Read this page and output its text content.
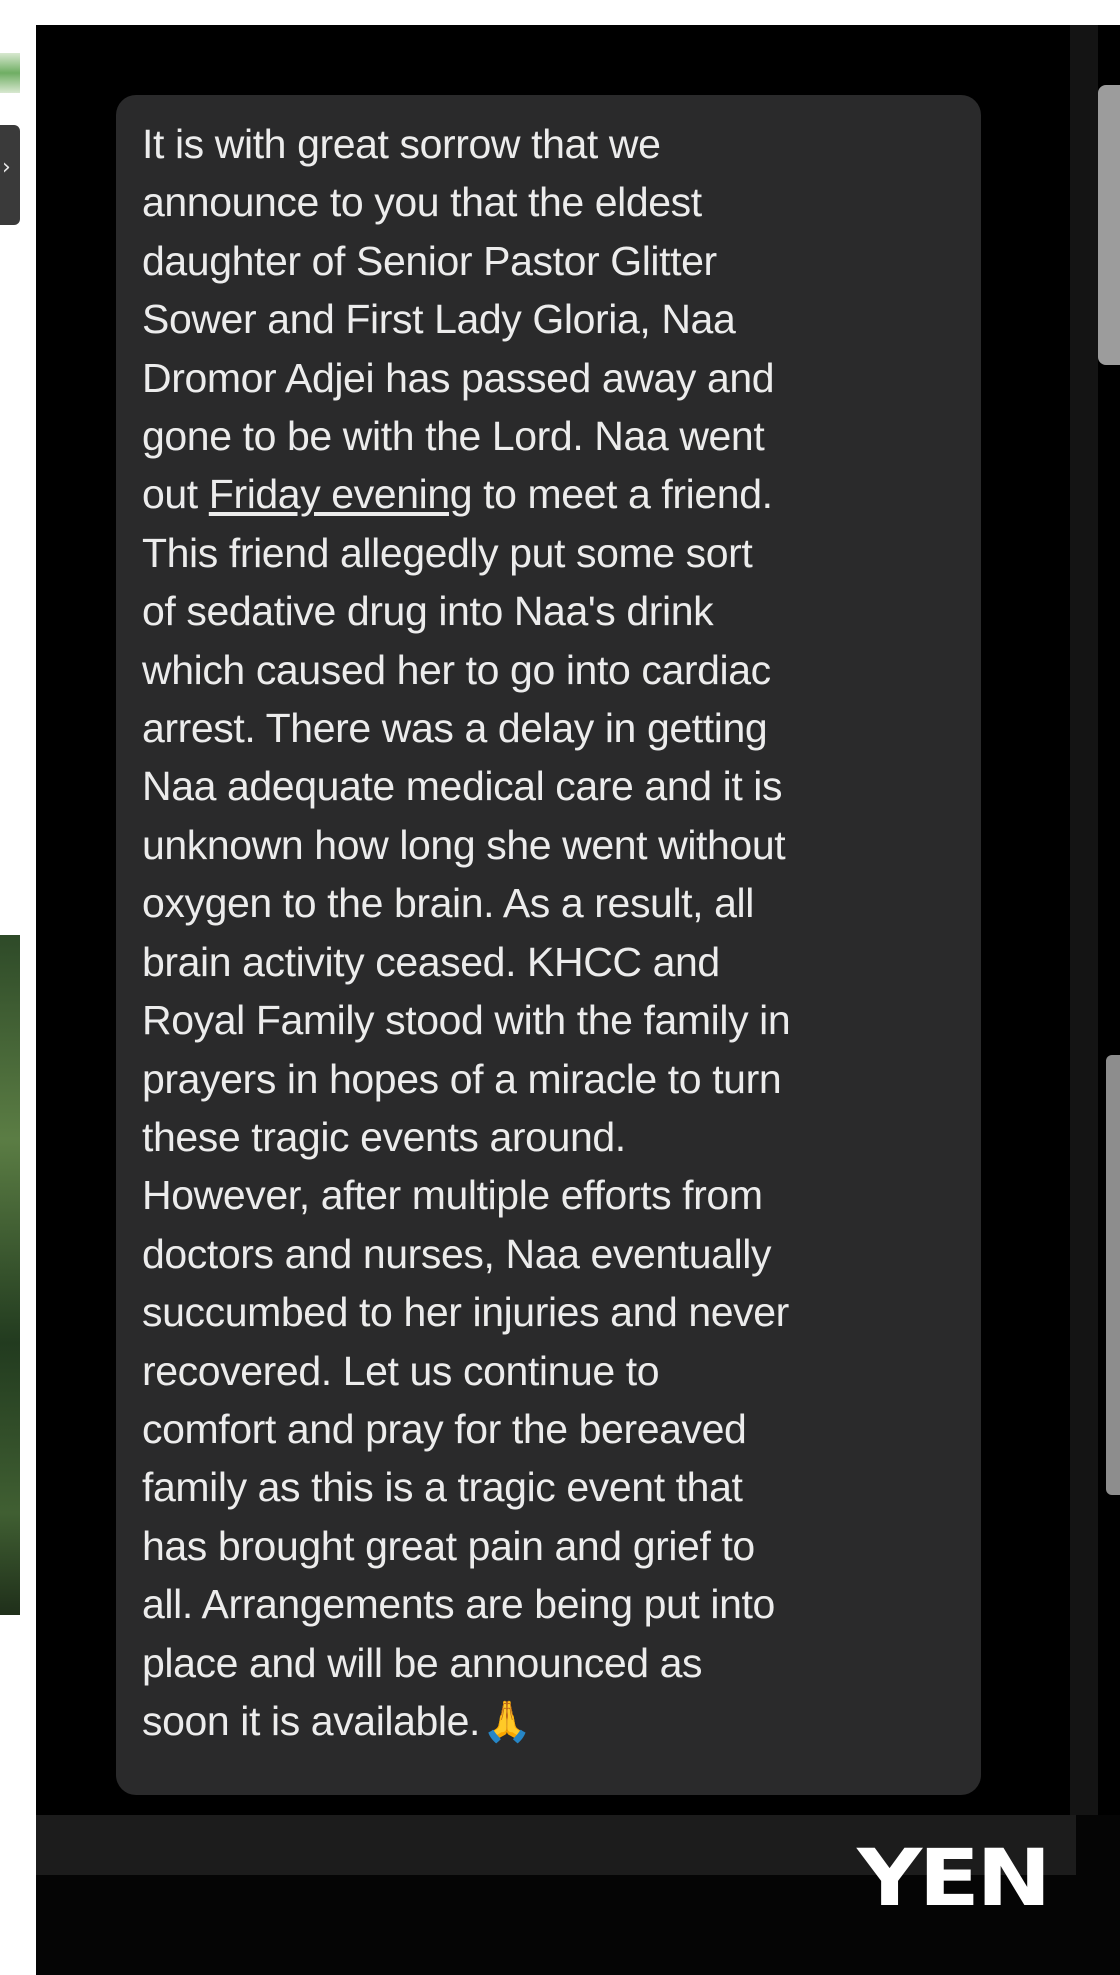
›
It is with great sorrow that we
announce to you that the eldest
daughter of Senior Pastor Glitter
Sower and First Lady Gloria, Naa
Dromor Adjei has passed away and
gone to be with the Lord. Naa went
out Friday evening to meet a friend.
This friend allegedly put some sort
of sedative drug into Naa's drink
which caused her to go into cardiac
arrest. There was a delay in getting
Naa adequate medical care and it is
unknown how long she went without
oxygen to the brain. As a result, all
brain activity ceased. KHCC and
Royal Family stood with the family in
prayers in hopes of a miracle to turn
these tragic events around.
However, after multiple efforts from
doctors and nurses, Naa eventually
succumbed to her injuries and never
recovered. Let us continue to
comfort and pray for the bereaved
family as this is a tragic event that
has brought great pain and grief to
all. Arrangements are being put into
place and will be announced as
soon it is available.🙏
YEN
